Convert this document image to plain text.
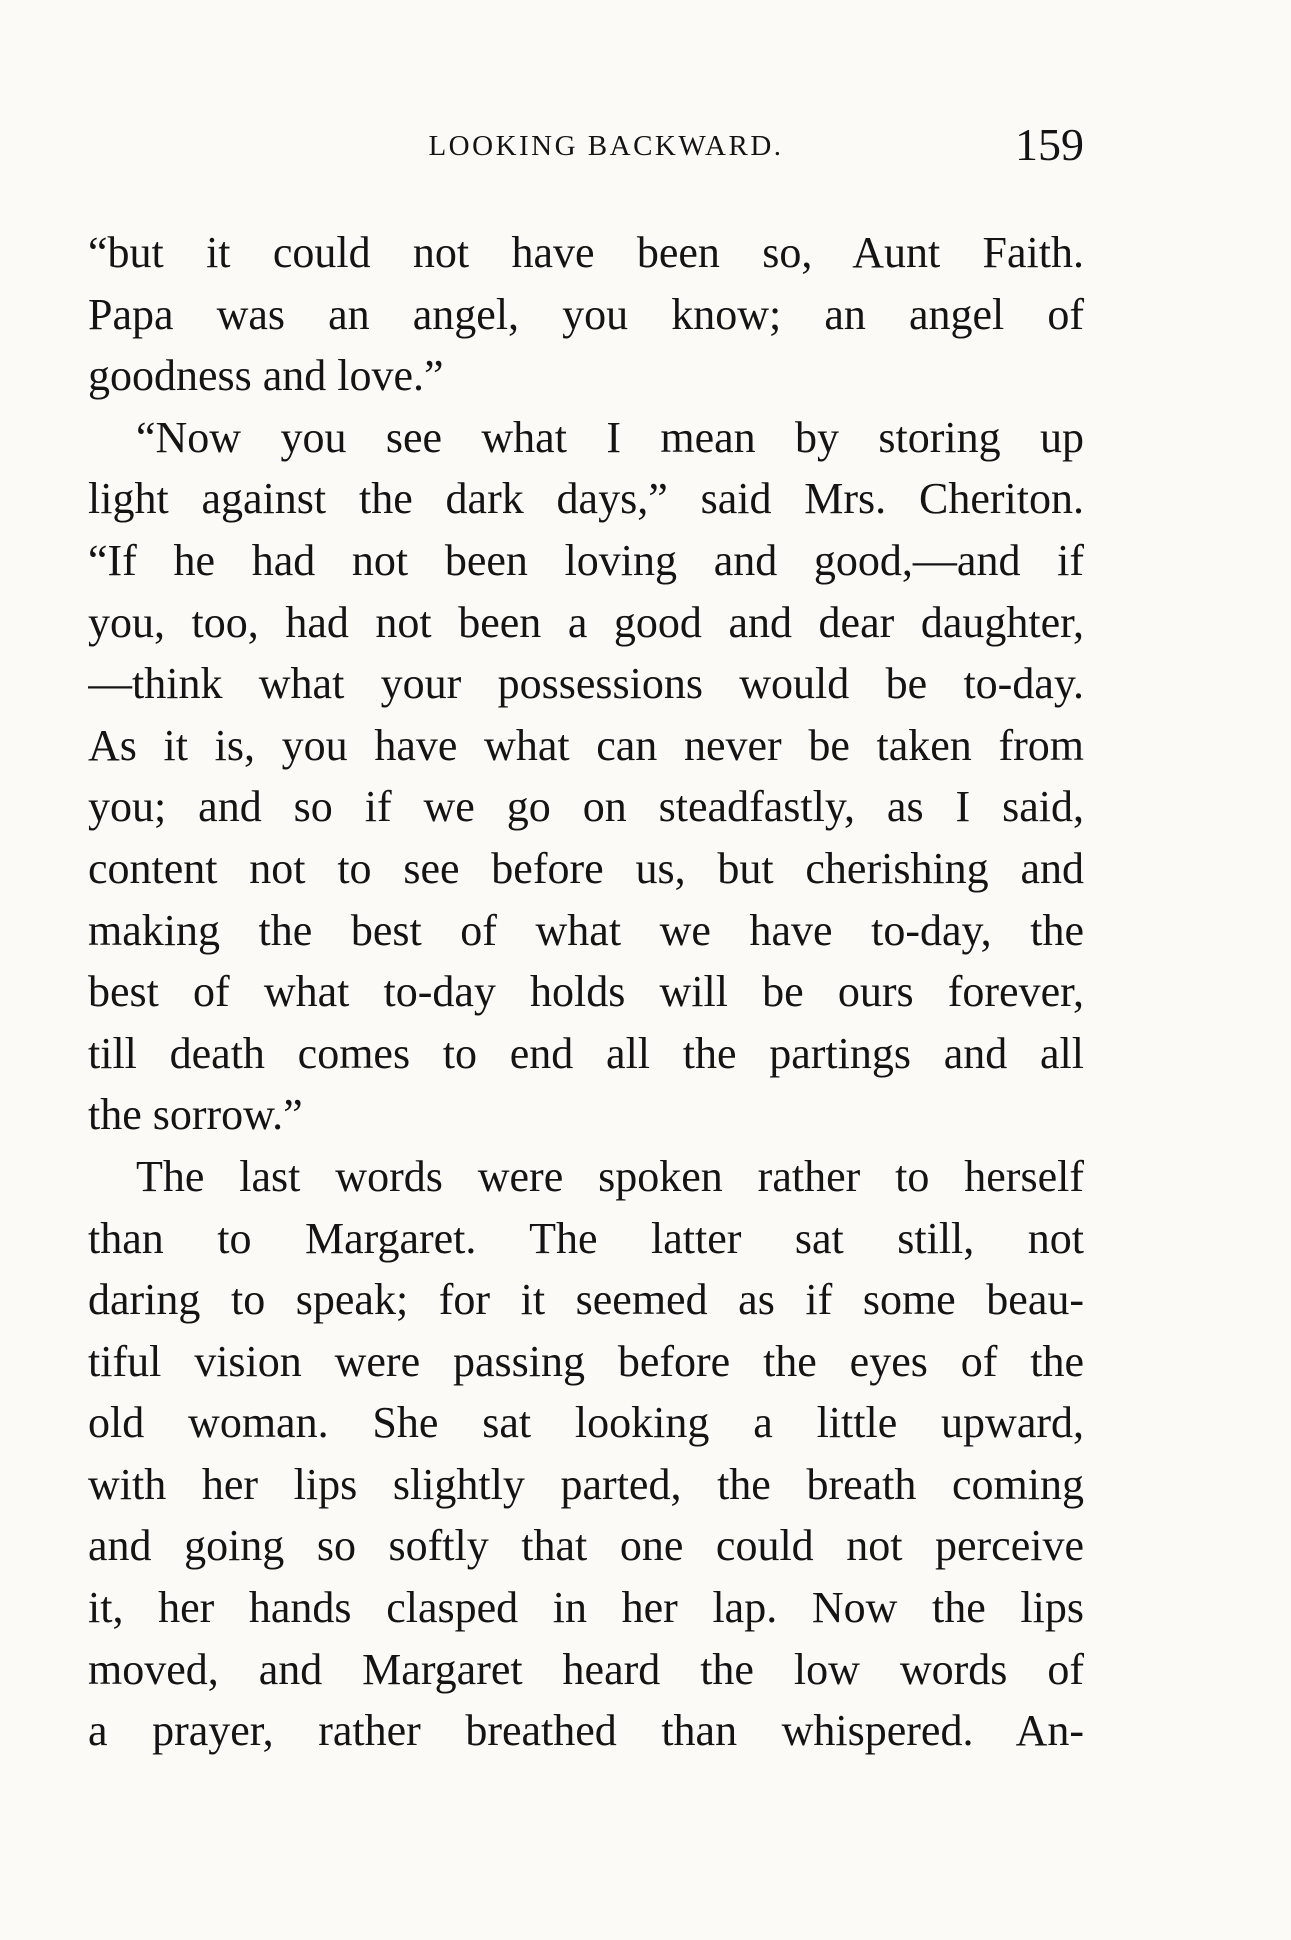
LOOKING BACKWARD.	159
“but it could not have been so, Aunt Faith.
Papa was an angel, you know; an angel of
goodness and love.”
“Now you see what I mean by storing up
light against the dark days,” said Mrs. Cheriton.
“If he had not been loving and good,—and if
you, too, had not been a good and dear daughter,
—think what your possessions would be to-day.
As it is, you have what can never be taken from
you; and so if we go on steadfastly, as I said,
content not to see before us, but cherishing and
making the best of what we have to-day, the
best of what to-day holds will be ours forever,
till death comes to end all the partings and all
the sorrow.”
The last words were spoken rather to herself
than to Margaret. The latter sat still, not
daring to speak; for it seemed as if some beau-
tiful vision were passing before the eyes of the
old woman. She sat looking a little upward,
with her lips slightly parted, the breath coming
and going so softly that one could not perceive
it, her hands clasped in her lap. Now the lips
moved, and Margaret heard the low words of
a prayer, rather breathed than whispered. An-
